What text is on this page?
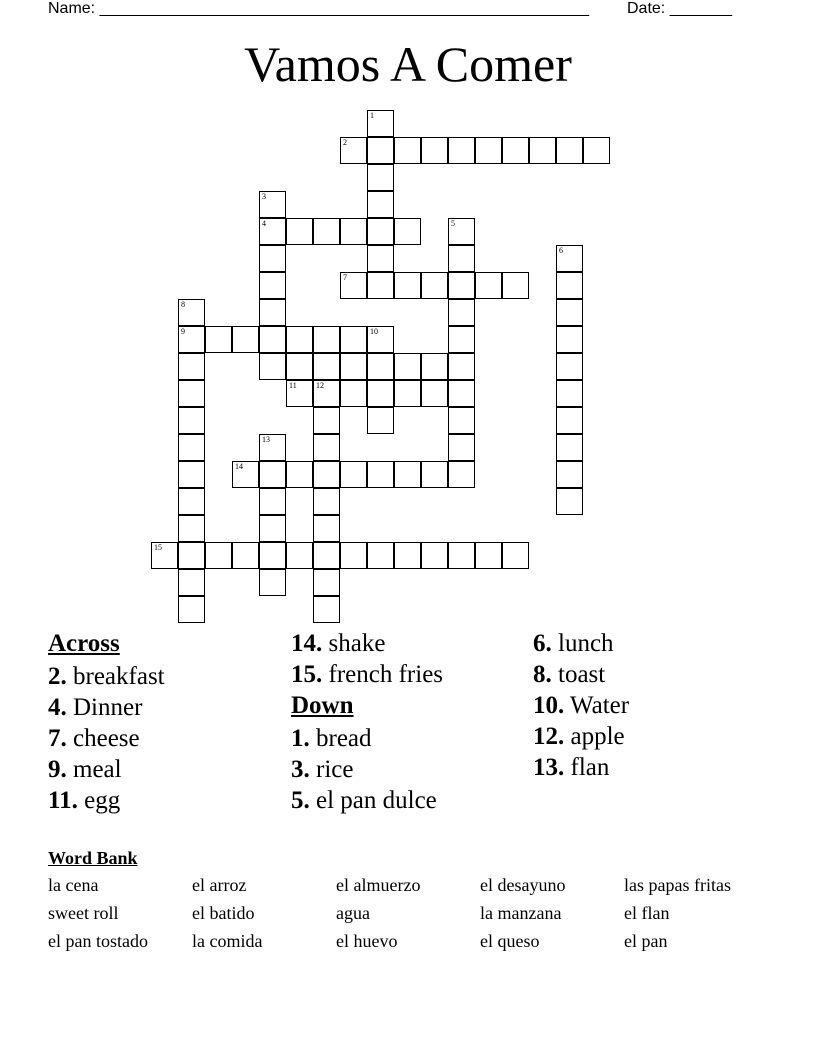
Name: _______________________________________________________ Date: _______
Vamos A Comer
1
2
3
4	5
6
7
8
9	10
11 12
13
14
15
Across
2. breakfast
4. Dinner
7. cheese
9. meal
11. egg
14. shake
15. french fries
Down
1. bread
3. rice
5. el pan dulce
6. lunch
8. toast
10. Water
12. apple
13. flan
Word Bank
la cena	el arroz	el almuerzo	el desayuno	las papas fritas
sweet roll	el batido	agua	la manzana	el flan
el pan tostado	la comida	el huevo	el queso	el pan
